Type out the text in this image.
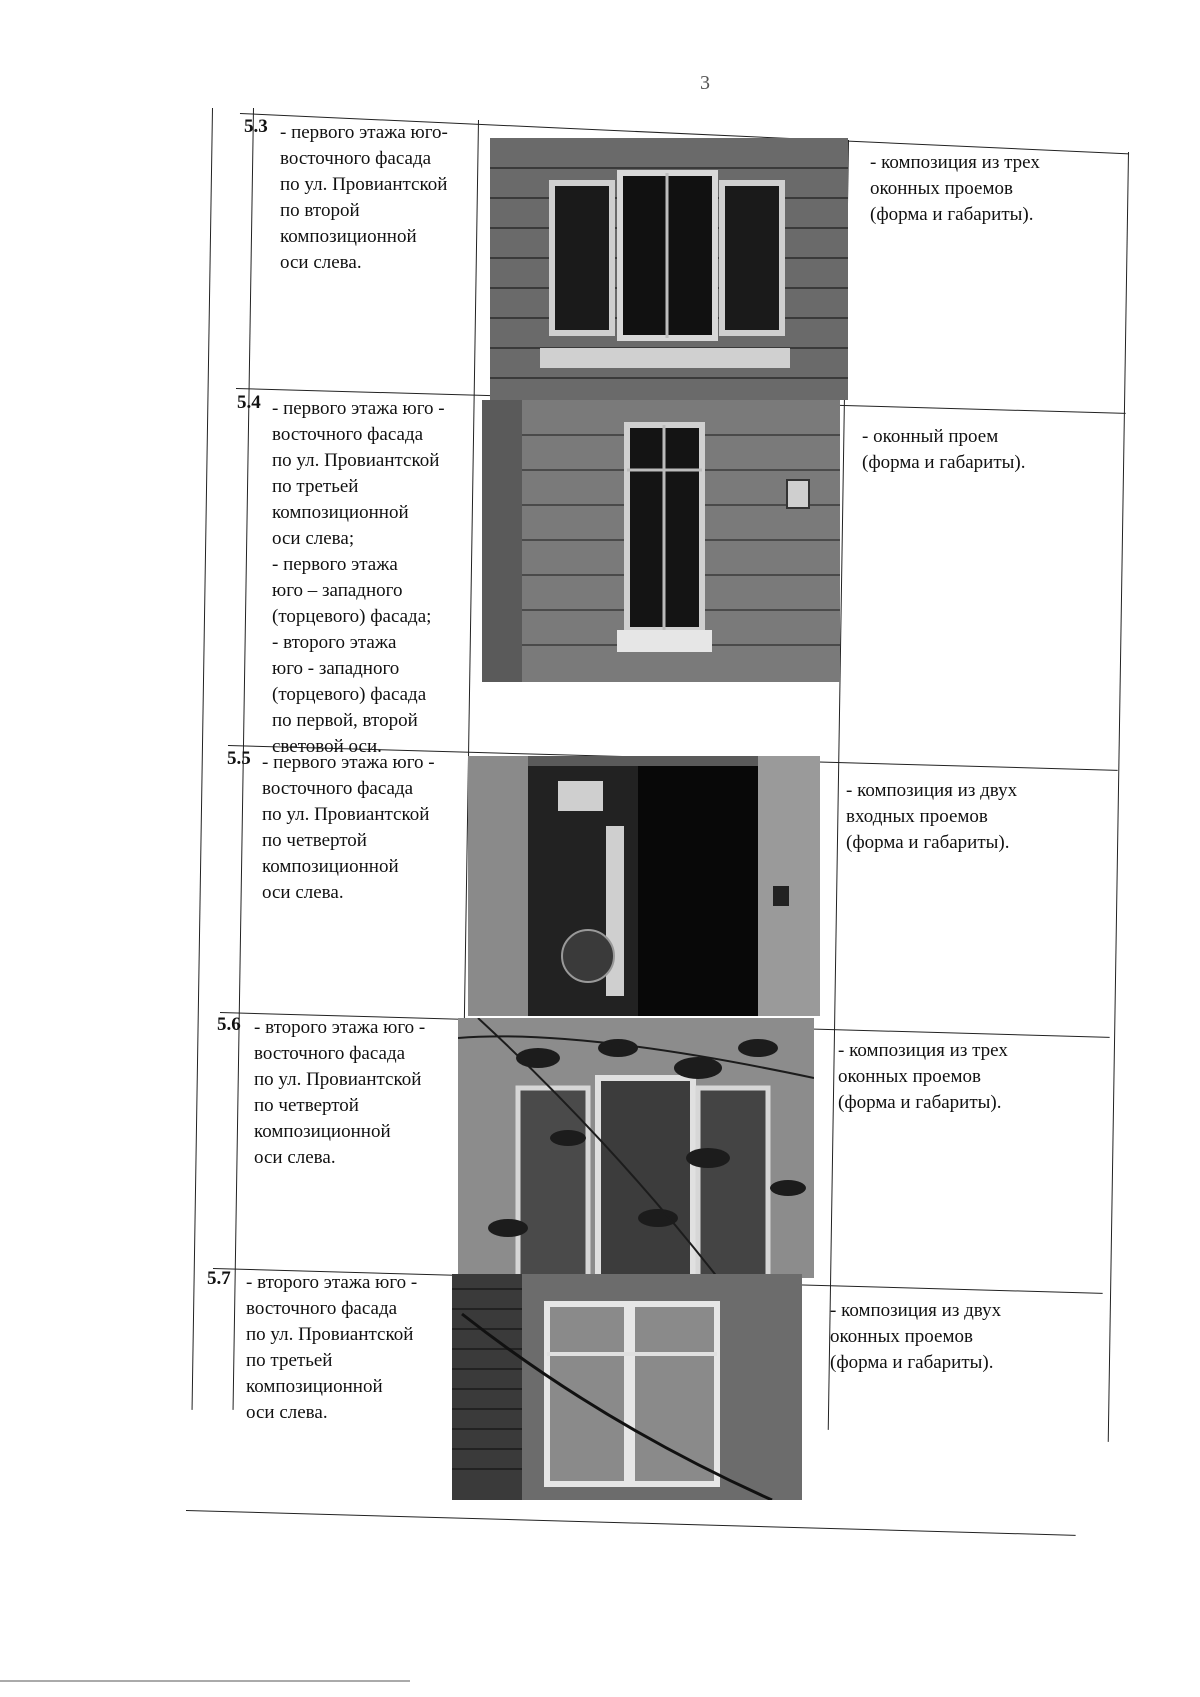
3
5.3 - первого этажа юго-
восточного фасада
по ул. Провиантской
по второй
композиционной
оси слева.
- композиция из трех
оконных проемов
(форма и габариты).
5.4 - первого этажа юго -
восточного фасада
по ул. Провиантской
по третьей
композиционной
оси слева;
- первого этажа
юго – западного
(торцевого) фасада;
- второго этажа
юго - западного
(торцевого) фасада
по первой, второй
световой оси.
- оконный проем
(форма и габариты).
5.5 - первого этажа юго -
восточного фасада
по ул. Провиантской
по четвертой
композиционной
оси слева.
- композиция из двух
входных проемов
(форма и габариты).
5.6 - второго этажа юго -
восточного фасада
по ул. Провиантской
по четвертой
композиционной
оси слева.
- композиция из трех
оконных проемов
(форма и габариты).
5.7 - второго этажа юго -
восточного фасада
по ул. Провиантской
по третьей
композиционной
оси слева.
- композиция из двух
оконных проемов
(форма и габариты).
